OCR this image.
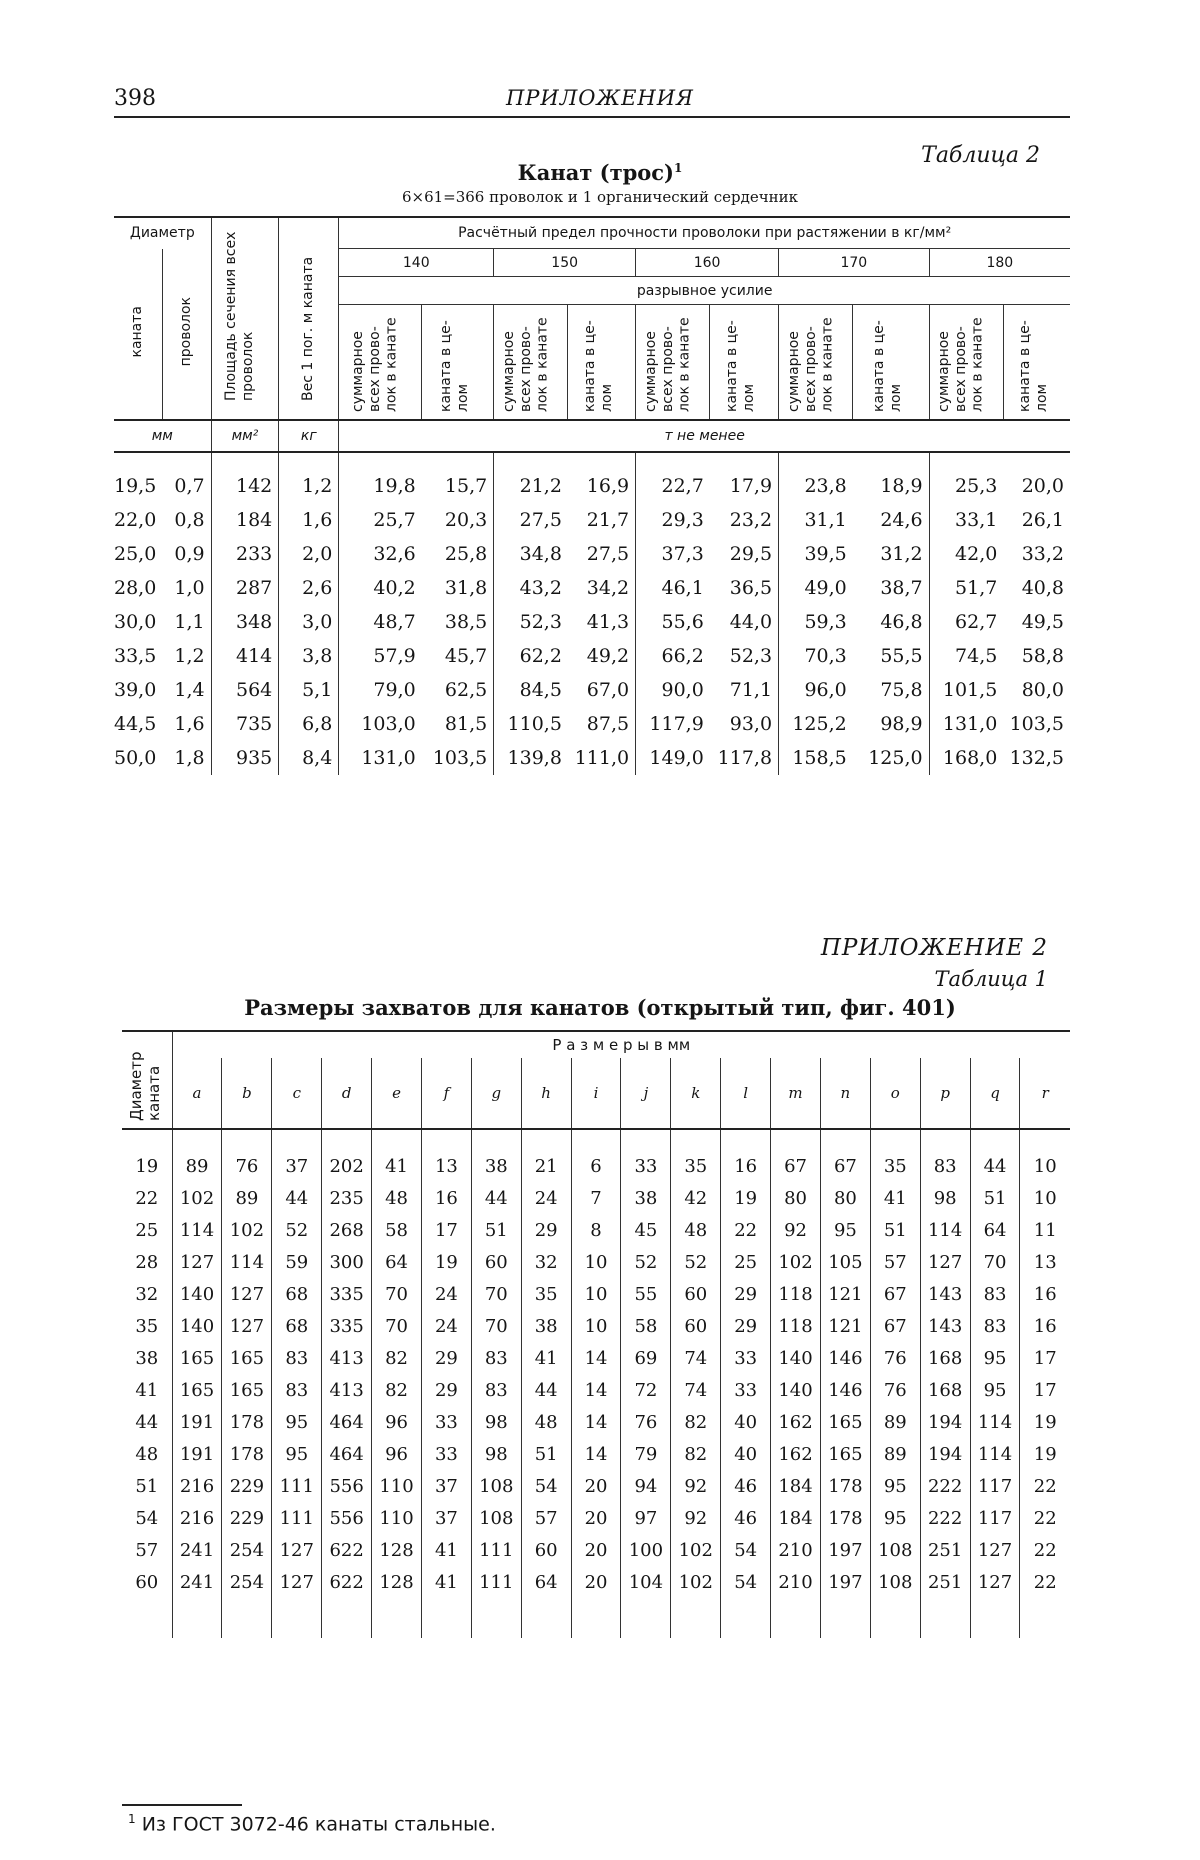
398	ПРИЛОЖЕНИЯ
Таблица 2
Канат (трос)$^1$
6×61=366 проволок и 1 органический сердечник
Диаметр		Площадь сечения всех проволок	Вес 1 пог. м каната	Расчётный предел прочности проволоки при растяжении в кг/мм²									
каната	проволок			140		150		160		170		180	
				разрывное усилие									
				суммарное всех прово- лок в канате	каната в це- лом	суммарное всех прово- лок в канате	каната в це- лом	суммарное всех прово- лок в канате	каната в це- лом	суммарное всех прово- лок в канате	каната в це- лом	суммарное всех прово- лок в канате	каната в це- лом
мм		мм²	кг	т не менее									
19,5	0,7	142	1,2	19,8	15,7	21,2	16,9	22,7	17,9	23,8	18,9	25,3	20,0
22,0	0,8	184	1,6	25,7	20,3	27,5	21,7	29,3	23,2	31,1	24,6	33,1	26,1
25,0	0,9	233	2,0	32,6	25,8	34,8	27,5	37,3	29,5	39,5	31,2	42,0	33,2
28,0	1,0	287	2,6	40,2	31,8	43,2	34,2	46,1	36,5	49,0	38,7	51,7	40,8
30,0	1,1	348	3,0	48,7	38,5	52,3	41,3	55,6	44,0	59,3	46,8	62,7	49,5
33,5	1,2	414	3,8	57,9	45,7	62,2	49,2	66,2	52,3	70,3	55,5	74,5	58,8
39,0	1,4	564	5,1	79,0	62,5	84,5	67,0	90,0	71,1	96,0	75,8	101,5	80,0
44,5	1,6	735	6,8	103,0	81,5	110,5	87,5	117,9	93,0	125,2	98,9	131,0	103,5
50,0	1,8	935	8,4	131,0	103,5	139,8	111,0	149,0	117,8	158,5	125,0	168,0	132,5
ПРИЛОЖЕНИЕ 2
Таблица 1
Размеры захватов для канатов (открытый тип, фиг. 401)
Диаметр каната	Р а з м е р ы в мм																	
	a	b	c	d	e	f	g	h	i	j	k	l	m	n	o	p	q	r
19	89	76	37	202	41	13	38	21	6	33	35	16	67	67	35	83	44	10
22	102	89	44	235	48	16	44	24	7	38	42	19	80	80	41	98	51	10
25	114	102	52	268	58	17	51	29	8	45	48	22	92	95	51	114	64	11
28	127	114	59	300	64	19	60	32	10	52	52	25	102	105	57	127	70	13
32	140	127	68	335	70	24	70	35	10	55	60	29	118	121	67	143	83	16
35	140	127	68	335	70	24	70	38	10	58	60	29	118	121	67	143	83	16
38	165	165	83	413	82	29	83	41	14	69	74	33	140	146	76	168	95	17
41	165	165	83	413	82	29	83	44	14	72	74	33	140	146	76	168	95	17
44	191	178	95	464	96	33	98	48	14	76	82	40	162	165	89	194	114	19
48	191	178	95	464	96	33	98	51	14	79	82	40	162	165	89	194	114	19
51	216	229	111	556	110	37	108	54	20	94	92	46	184	178	95	222	117	22
54	216	229	111	556	110	37	108	57	20	97	92	46	184	178	95	222	117	22
57	241	254	127	622	128	41	111	60	20	100	102	54	210	197	108	251	127	22
60	241	254	127	622	128	41	111	64	20	104	102	54	210	197	108	251	127	22
$^1$ Из ГОСТ 3072-46 канаты стальные.
